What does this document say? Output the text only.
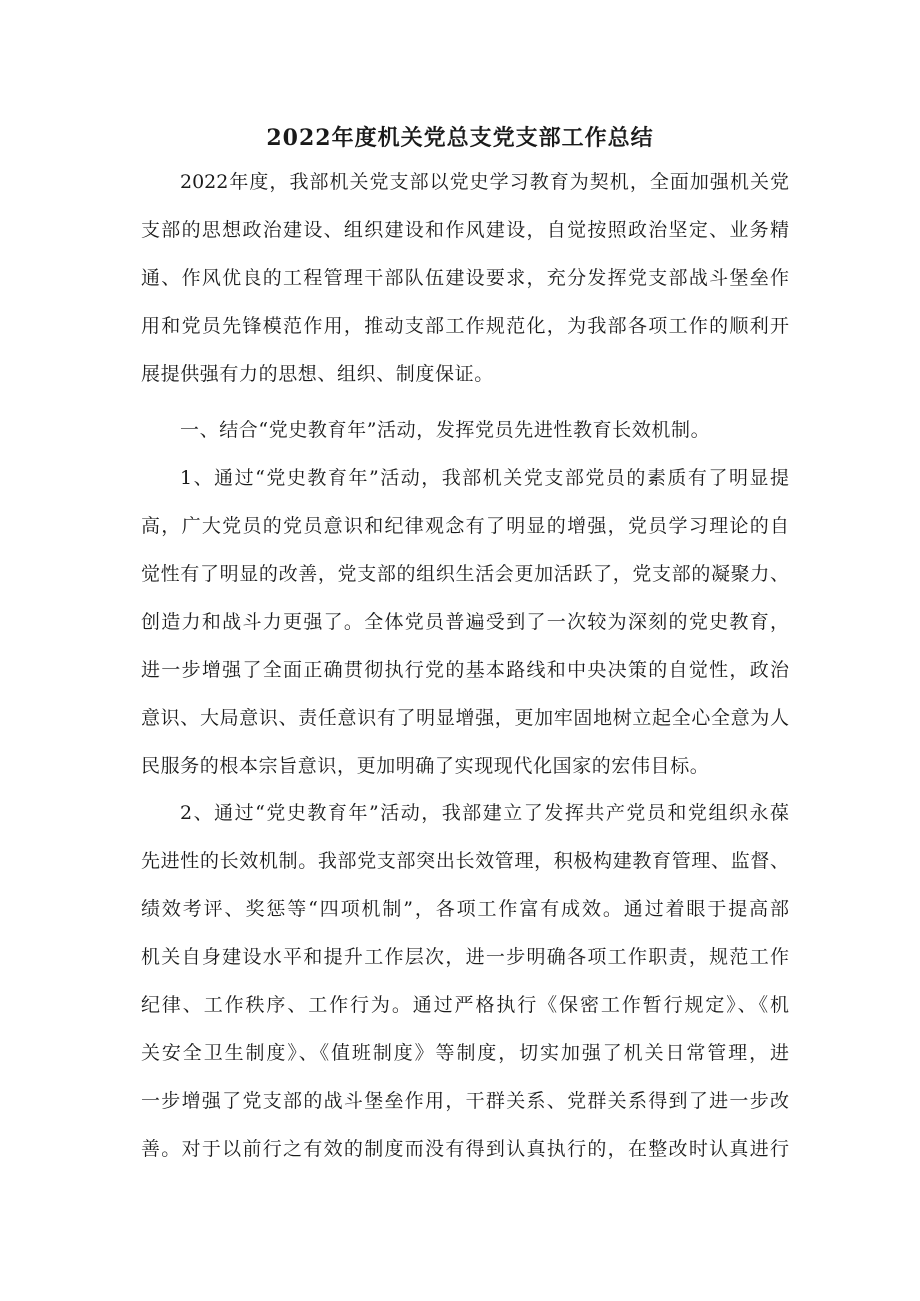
2022年度机关党总支党支部工作总结
2022年度，我部机关党支部以党史学习教育为契机，全面加强机关党
支部的思想政治建设、组织建设和作风建设，自觉按照政治坚定、业务精
通、作风优良的工程管理干部队伍建设要求，充分发挥党支部战斗堡垒作
用和党员先锋模范作用，推动支部工作规范化，为我部各项工作的顺利开
展提供强有力的思想、组织、制度保证。
一、结合“党史教育年”活动，发挥党员先进性教育长效机制。
1、通过“党史教育年”活动，我部机关党支部党员的素质有了明显提
高，广大党员的党员意识和纪律观念有了明显的增强，党员学习理论的自
觉性有了明显的改善，党支部的组织生活会更加活跃了，党支部的凝聚力、
创造力和战斗力更强了。全体党员普遍受到了一次较为深刻的党史教育，
进一步增强了全面正确贯彻执行党的基本路线和中央决策的自觉性，政治
意识、大局意识、责任意识有了明显增强，更加牢固地树立起全心全意为人
民服务的根本宗旨意识，更加明确了实现现代化国家的宏伟目标。
2、通过“党史教育年”活动，我部建立了发挥共产党员和党组织永葆
先进性的长效机制。我部党支部突出长效管理，积极构建教育管理、监督、
绩效考评、奖惩等“四项机制”，各项工作富有成效。通过着眼于提高部
机关自身建设水平和提升工作层次，进一步明确各项工作职责，规范工作
纪律、工作秩序、工作行为。通过严格执行《保密工作暂行规定》、《机
关安全卫生制度》、《值班制度》等制度，切实加强了机关日常管理，进
一步增强了党支部的战斗堡垒作用，干群关系、党群关系得到了进一步改
善。对于以前行之有效的制度而没有得到认真执行的，在整改时认真进行
